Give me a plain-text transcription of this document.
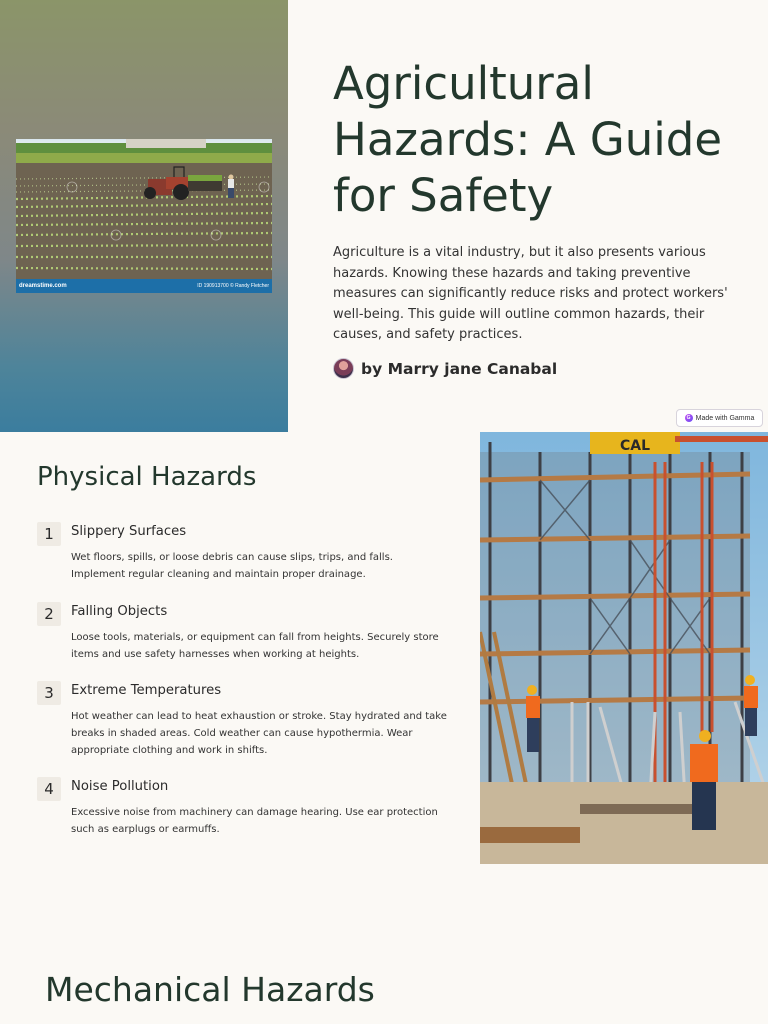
dreamstime.com	ID 190913700 © Randy Fletcher
Agricultural Hazards: A Guide for Safety

Agriculture is a vital industry, but it also presents various hazards. Knowing these hazards and taking preventive measures can significantly reduce risks and protect workers' well-being. This guide will outline common hazards, their causes, and safety practices.

by Marry jane Canabal
G Made with Gamma
Physical Hazards
1	Slippery Surfaces
Wet floors, spills, or loose debris can cause slips, trips, and falls. Implement regular cleaning and maintain proper drainage.
2	Falling Objects
Loose tools, materials, or equipment can fall from heights. Securely store items and use safety harnesses when working at heights.
3	Extreme Temperatures
Hot weather can lead to heat exhaustion or stroke. Stay hydrated and take breaks in shaded areas. Cold weather can cause hypothermia. Wear appropriate clothing and work in shifts.
4	Noise Pollution
Excessive noise from machinery can damage hearing. Use ear protection such as earplugs or earmuffs.
CAL
Mechanical Hazards
